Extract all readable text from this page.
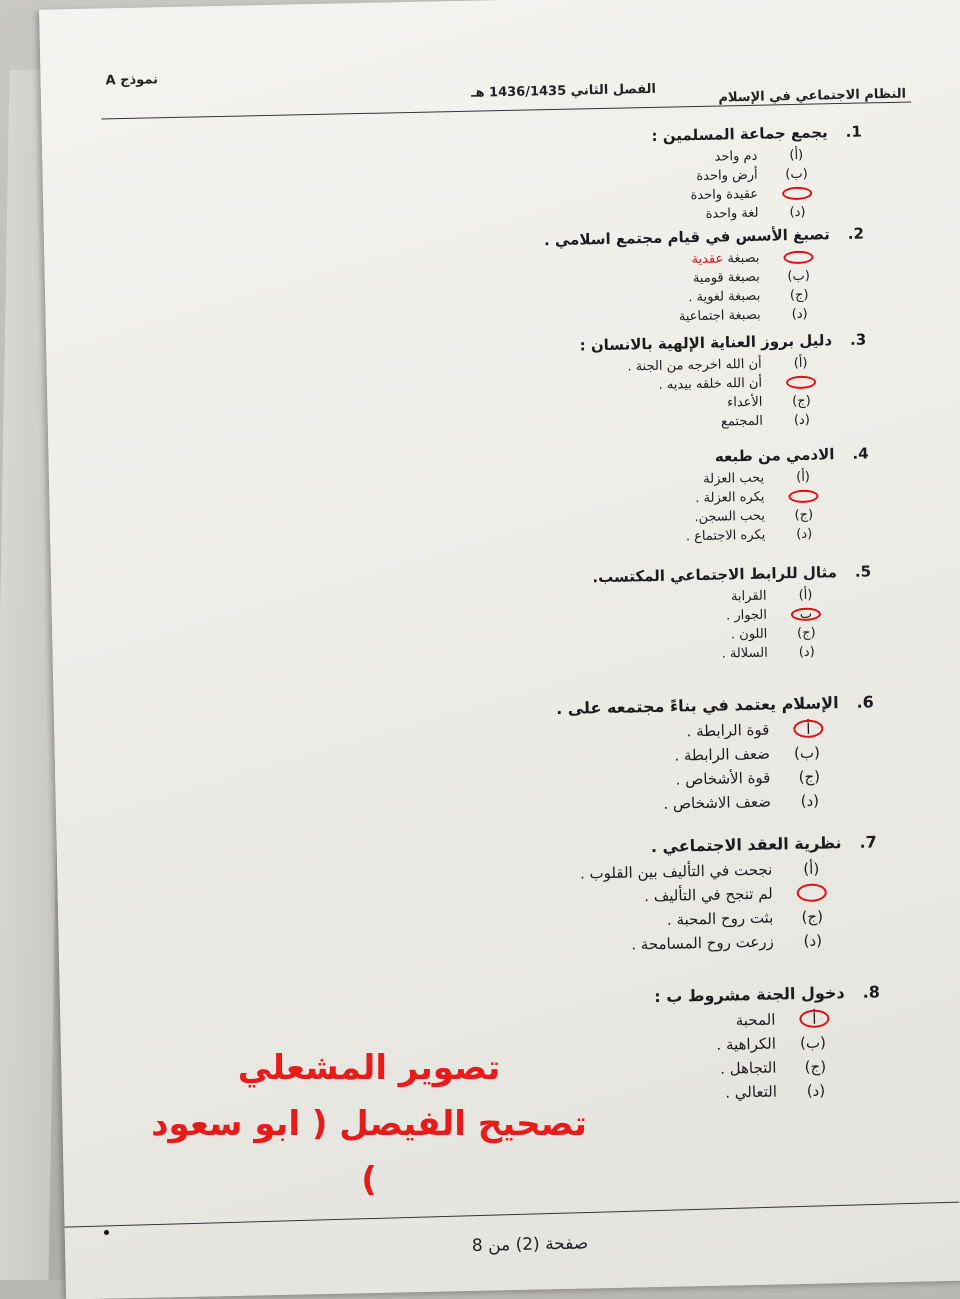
النظام الاجتماعي في الإسلام
الفصل الثاني 1436/1435 هـ
نموذج A
1.
يجمع جماعة المسلمين :
(أ)
دم واحد
(ب)
أرض واحدة
عقيدة واحدة
(د)
لغة واحدة
2.
تصبغ الأسس في قيام مجتمع اسلامي .
بصبغة عقدية
(ب)
بصبغة قومية
(ج)
بصبغة لغوية .
(د)
بصبغة اجتماعية
3.
دليل بروز العناية الإلهية بالانسان :
(أ)
أن الله اخرجه من الجنة .
أن الله خلقه بيديه .
(ج)
الأعداء
(د)
المجتمع
4.
الادمي من طبعه
(أ)
يحب العزلة
يكره العزلة .
(ج)
يحب السجن.
(د)
يكره الاجتماع .
5.
مثال للرابط الاجتماعي المكتسب.
(أ)
القرابة
ب
الجوار .
(ج)
اللون .
(د)
السلالة .
6.
الإسلام يعتمد في بناءً مجتمعه على .
أ
قوة الرابطة .
(ب)
ضعف الرابطة .
(ج)
قوة الأشخاص .
(د)
ضعف الاشخاص .
7.
نظرية العقد الاجتماعي .
(أ)
نجحت في التأليف بين القلوب .
لم تنجح في التأليف .
(ج)
بثت روح المحبة .
(د)
زرعت روح المسامحة .
8.
دخول الجنة مشروط ب :
أ
المحبة
(ب)
الكراهية .
(ج)
التجاهل .
(د)
التعالي .
صفحة (2) من 8
تصوير المشعلي
تصحيح الفيصل ( ابو سعود )
